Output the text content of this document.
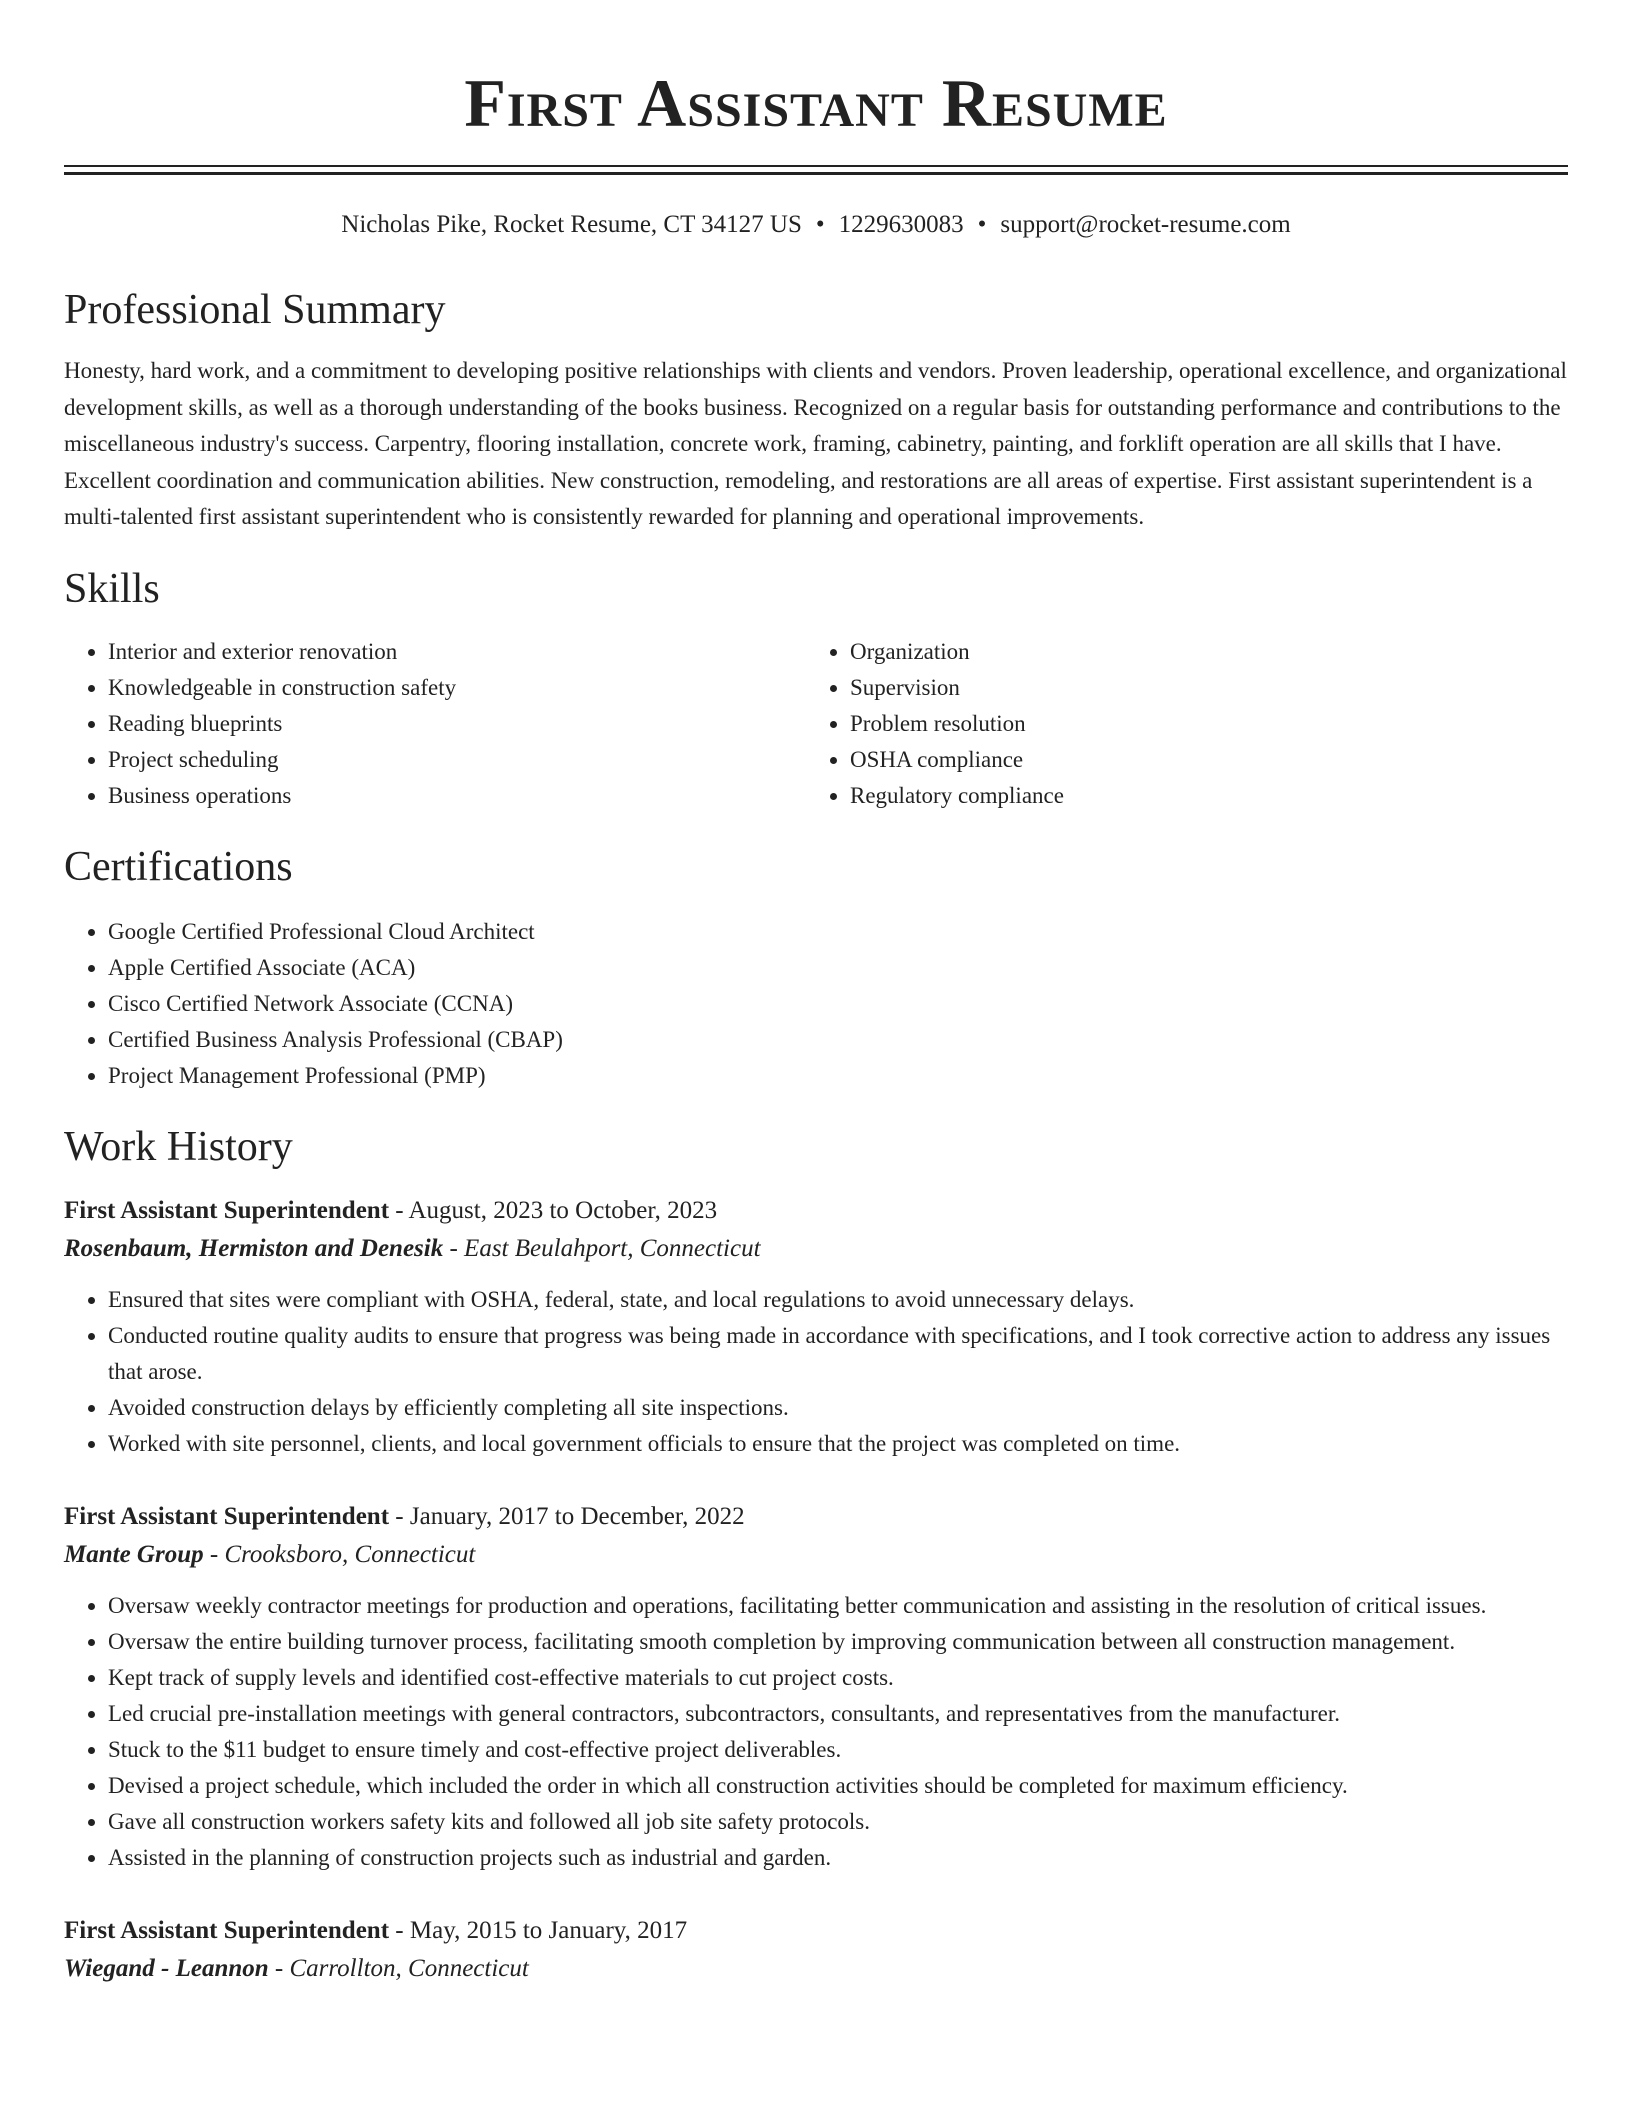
First Assistant Resume
Nicholas Pike, Rocket Resume, CT 34127 US • 1229630083 • support@rocket-resume.com
Professional Summary

Honesty, hard work, and a commitment to developing positive relationships with clients and vendors. Proven leadership, operational excellence, and organizational development skills, as well as a thorough understanding of the books business. Recognized on a regular basis for outstanding performance and contributions to the miscellaneous industry's success. Carpentry, flooring installation, concrete work, framing, cabinetry, painting, and forklift operation are all skills that I have. Excellent coordination and communication abilities. New construction, remodeling, and restorations are all areas of expertise. First assistant superintendent is a multi-talented first assistant superintendent who is consistently rewarded for planning and operational improvements.

Skills
• Interior and exterior renovation
• Knowledgeable in construction safety
• Reading blueprints
• Project scheduling
• Business operations
• Organization
• Supervision
• Problem resolution
• OSHA compliance
• Regulatory compliance
Certifications
• Google Certified Professional Cloud Architect
• Apple Certified Associate (ACA)
• Cisco Certified Network Associate (CCNA)
• Certified Business Analysis Professional (CBAP)
• Project Management Professional (PMP)
Work History
First Assistant Superintendent - August, 2023 to October, 2023
Rosenbaum, Hermiston and Denesik - East Beulahport, Connecticut
• Ensured that sites were compliant with OSHA, federal, state, and local regulations to avoid unnecessary delays.
• Conducted routine quality audits to ensure that progress was being made in accordance with specifications, and I took corrective action to address any issues that arose.
• Avoided construction delays by efficiently completing all site inspections.
• Worked with site personnel, clients, and local government officials to ensure that the project was completed on time.
First Assistant Superintendent - January, 2017 to December, 2022
Mante Group - Crooksboro, Connecticut
• Oversaw weekly contractor meetings for production and operations, facilitating better communication and assisting in the resolution of critical issues.
• Oversaw the entire building turnover process, facilitating smooth completion by improving communication between all construction management.
• Kept track of supply levels and identified cost-effective materials to cut project costs.
• Led crucial pre-installation meetings with general contractors, subcontractors, consultants, and representatives from the manufacturer.
• Stuck to the $11 budget to ensure timely and cost-effective project deliverables.
• Devised a project schedule, which included the order in which all construction activities should be completed for maximum efficiency.
• Gave all construction workers safety kits and followed all job site safety protocols.
• Assisted in the planning of construction projects such as industrial and garden.
First Assistant Superintendent - May, 2015 to January, 2017
Wiegand - Leannon - Carrollton, Connecticut
